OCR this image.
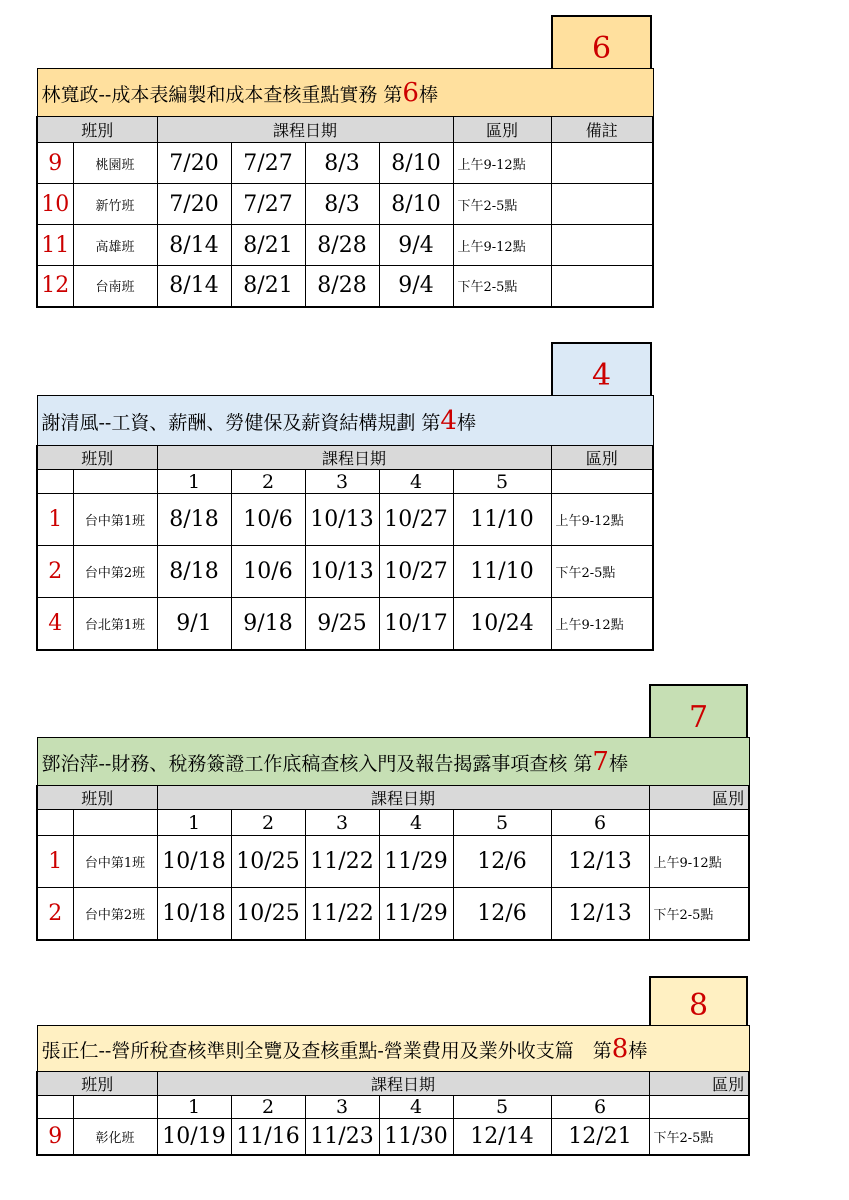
6
林寬政--成本表編製和成本查核重點實務 第6棒							
班別		課程日期				區別	備註
9	桃園班	7/20	7/27	8/3	8/10	上午9-12點	
10	新竹班	7/20	7/27	8/3	8/10	下午2-5點	
11	高雄班	8/14	8/21	8/28	9/4	上午9-12點	
12	台南班	8/14	8/21	8/28	9/4	下午2-5點	
4
謝清風--工資、薪酬、勞健保及薪資結構規劃 第4棒							
班別		課程日期					區別
		1	2	3	4	5	
1	台中第1班	8/18	10/6	10/13	10/27	11/10	上午9-12點
2	台中第2班	8/18	10/6	10/13	10/27	11/10	下午2-5點
4	台北第1班	9/1	9/18	9/25	10/17	10/24	上午9-12點
7
鄧治萍--財務、稅務簽證工作底稿查核入門及報告揭露事項查核 第7棒								
班別		課程日期						區別
		1	2	3	4	5	6	
1	台中第1班	10/18	10/25	11/22	11/29	12/6	12/13	上午9-12點
2	台中第2班	10/18	10/25	11/22	11/29	12/6	12/13	下午2-5點
8
張正仁--營所稅查核準則全覽及查核重點-營業費用及業外收支篇　第8棒								
班別		課程日期						區別
		1	2	3	4	5	6	
9	彰化班	10/19	11/16	11/23	11/30	12/14	12/21	下午2-5點
